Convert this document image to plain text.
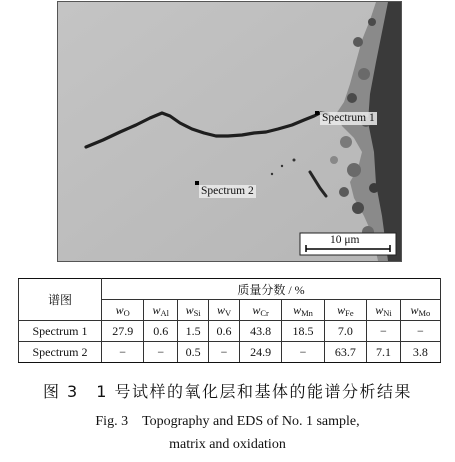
Spectrum 1
Spectrum 2
10 μm
谱图	质量分数 / %								
	wO	wAl	wSi	wV	wCr	wMn	wFe	wNi	wMo
Spectrum 1	27.9	0.6	1.5	0.6	43.8	18.5	7.0	−	−
Spectrum 2	−	−	0.5	−	24.9	−	63.7	7.1	3.8
图 3　1 号试样的氧化层和基体的能谱分析结果
Fig. 3　Topography and EDS of No. 1 sample,
matrix and oxidation
